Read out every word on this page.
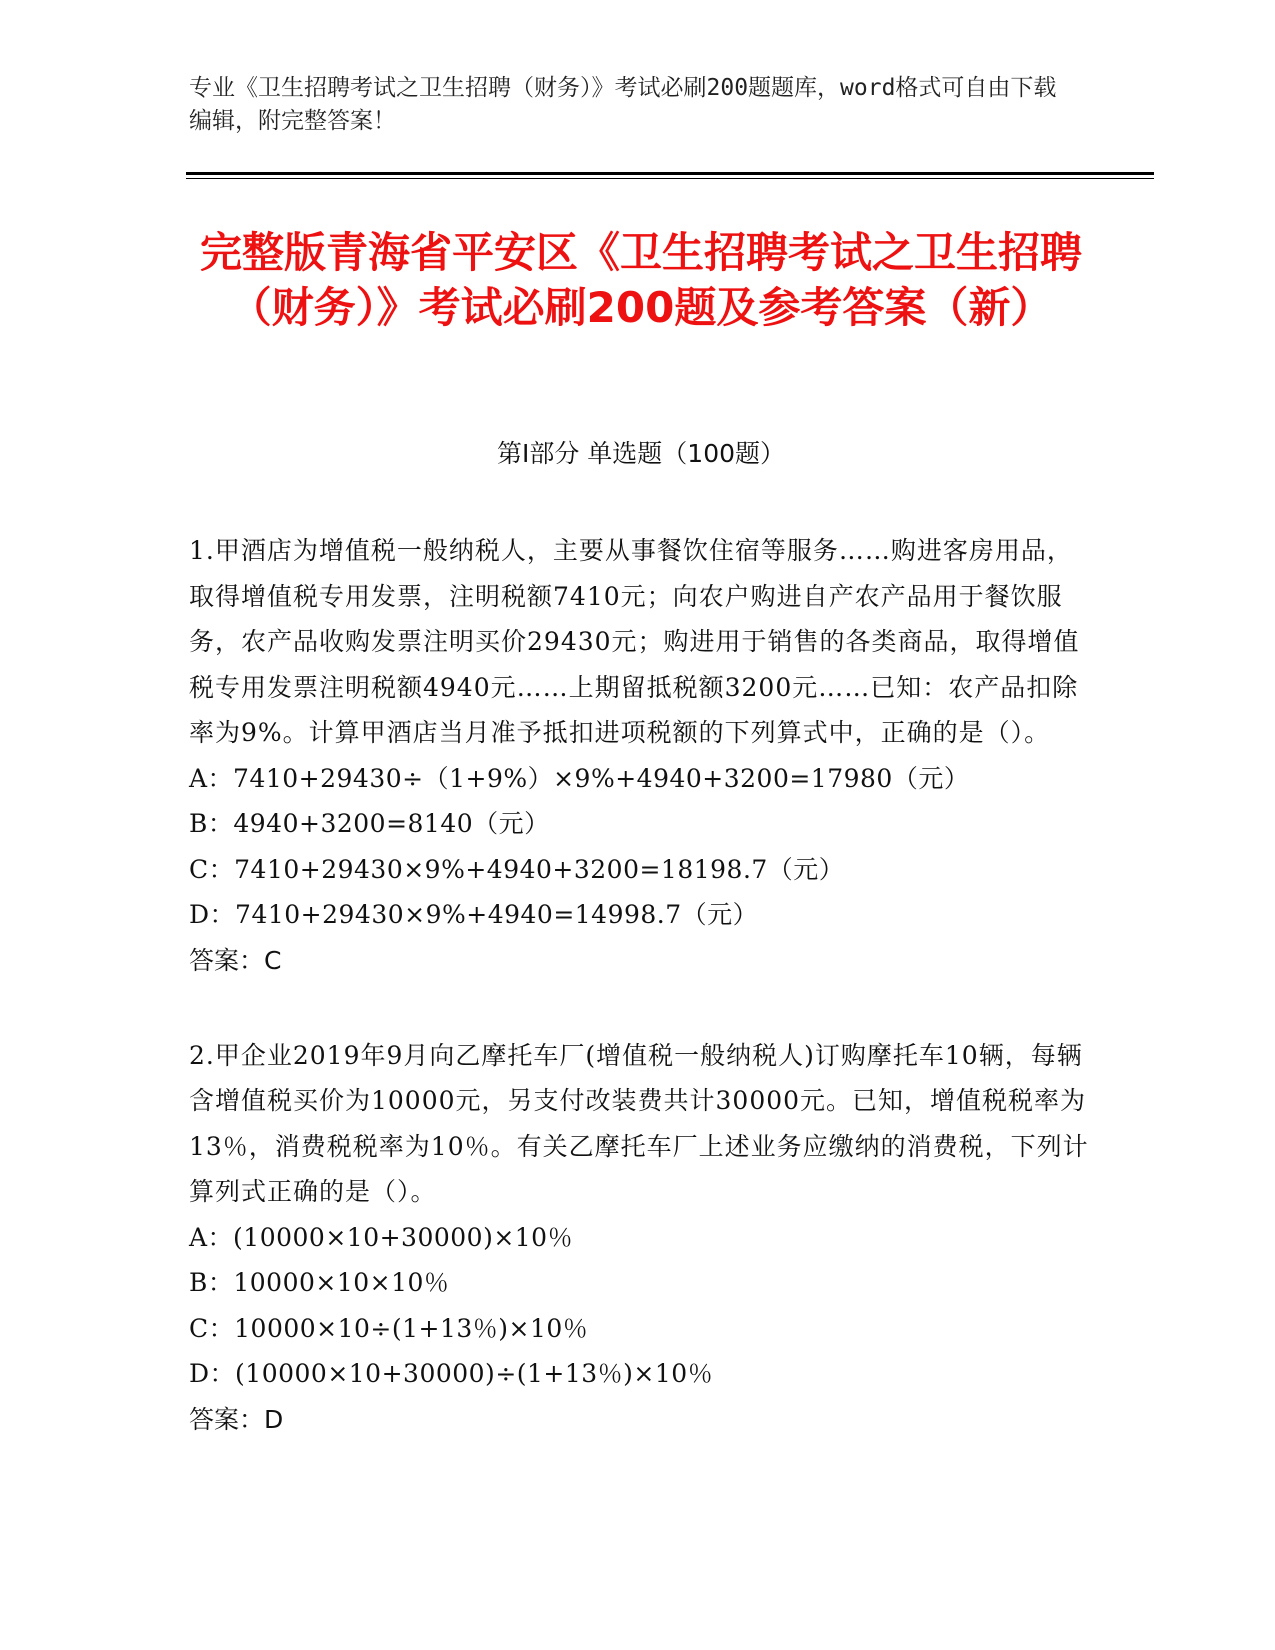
专业《卫生招聘考试之卫生招聘（财务）》考试必刷200题题库，word格式可自由下载编辑，附完整答案！
完整版青海省平安区《卫生招聘考试之卫生招聘（财务）》考试必刷200题及参考答案（新）
第Ⅰ部分 单选题（100题）
1.甲酒店为增值税一般纳税人，主要从事餐饮住宿等服务……购进客房用品，取得增值税专用发票，注明税额7410元；向农户购进自产农产品用于餐饮服务，农产品收购发票注明买价29430元；购进用于销售的各类商品，取得增值税专用发票注明税额4940元……上期留抵税额3200元……已知：农产品扣除率为9%。计算甲酒店当月准予抵扣进项税额的下列算式中，正确的是（）。
A：7410+29430÷（1+9%）×9%+4940+3200=17980（元）
B：4940+3200=8140（元）
C：7410+29430×9%+4940+3200=18198.7（元）
D：7410+29430×9%+4940=14998.7（元）
答案：C
2.甲企业2019年9月向乙摩托车厂(增值税一般纳税人)订购摩托车10辆，每辆含增值税买价为10000元，另支付改装费共计30000元。已知，增值税税率为13％，消费税税率为10％。有关乙摩托车厂上述业务应缴纳的消费税，下列计算列式正确的是（）。
A：(10000×10+30000)×10％
B：10000×10×10％
C：10000×10÷(1+13％)×10％
D：(10000×10+30000)÷(1+13％)×10％
答案：D
